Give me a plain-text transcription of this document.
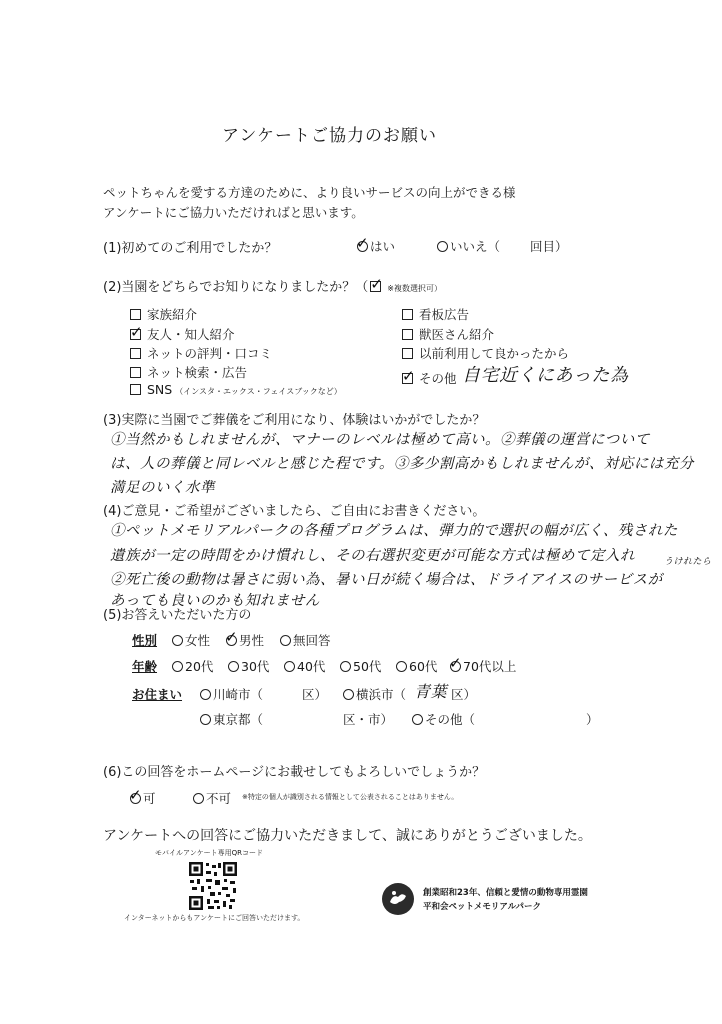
アンケートご協力のお願い
ペットちゃんを愛する方達のために、より良いサービスの向上ができる様
アンケートにご協力いただければと思います。
(1)初めてのご利用でしたか？ ✓	はい	いいえ（ 回目）
(2)当園をどちらでお知りになりましたか？（ ✓ ※複数選択可）
家族紹介
✓友人・知人紹介
ネットの評判・口コミ
ネット検索・広告
SNS （インスタ・エックス・フェイスブックなど）
看板広告
獣医さん紹介
以前利用して良かったから
✓その他 自宅近くにあった為
(3)実際に当園でご葬儀をご利用になり、体験はいかがでしたか？
①当然かもしれませんが、マナーのレベルは極めて高い。②葬儀の運営について
は、人の葬儀と同レベルと感じた程です。③多少割高かもしれませんが、対応には充分
満足のいく水準
(4)ご意見・ご希望がございましたら、ご自由にお書きください。
①ペットメモリアルパークの各種プログラムは、弾力的で選択の幅が広く、残された
遺族が一定の時間をかけ慣れし、その右選択変更が可能な方式は極めて定入れ
②死亡後の動物は暑さに弱い為、暑い日が続く場合は、ドライアイスのサービスが
あっても良いのかも知れません
うけれたら
(5)お答えいただいた方の
性別	女性 ✓	男性	無回答
年齢	20代	30代	40代	50代	60代 ✓	70代以上
お住まい	川崎市（	区）	横浜市（ 青葉 区）
東京都（	区・市）	その他（	）
(6)この回答をホームページにお載せしてもよろしいでしょうか？
✓可	不可 ※特定の個人が識別される情報として公表されることはありません。
アンケートへの回答にご協力いただきまして、誠にありがとうございました。
モバイルアンケート専用QRコード
インターネットからもアンケートにご回答いただけます。
創業昭和23年、信頼と愛情の動物専用霊園
平和会ペットメモリアルパーク
